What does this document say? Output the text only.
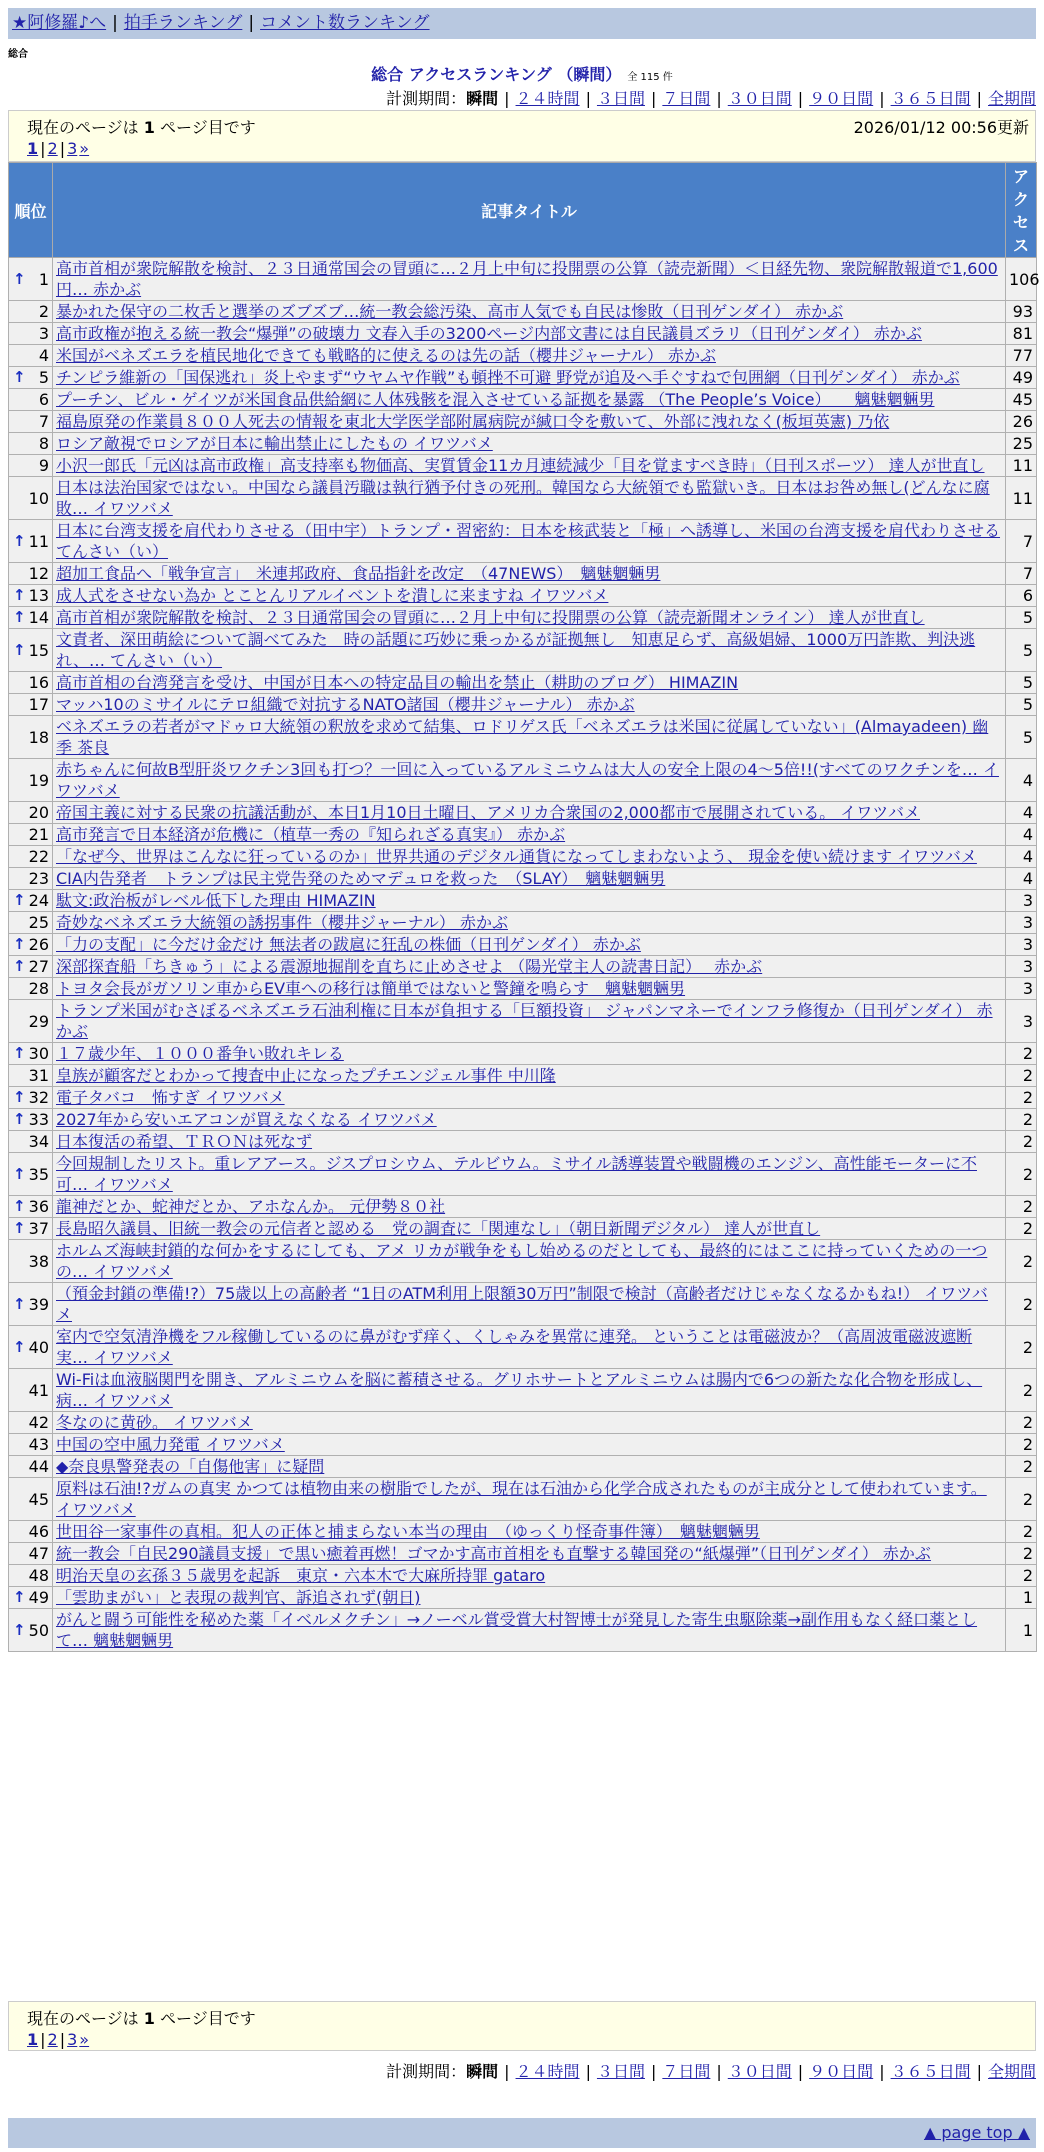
★阿修羅♪へ | 拍手ランキング | コメント数ランキング
総合
総合 アクセスランキング （瞬間） 全 115 件
計測期間：瞬間 | ２４時間 | ３日間 | ７日間 | ３０日間 | ９０日間 | ３６５日間 | 全期間
現在のページは 1 ページ目です	2026/01/12 00:56更新
1 | 2 | 3 »
順位	記事タイトル	アクセス

↑ 1	高市首相が衆院解散を検討、２３日通常国会の冒頭に…２月上中旬に投開票の公算（読売新聞）＜日経先物、衆院解散報道で1,600円… 赤かぶ	106
2	暴かれた保守の二枚舌と選挙のズブズブ…統一教会総汚染、高市人気でも自民は惨敗（日刊ゲンダイ） 赤かぶ	93
3	高市政権が抱える統一教会“爆弾”の破壊力 文春入手の3200ページ内部文書には自民議員ズラリ（日刊ゲンダイ） 赤かぶ	81
4	米国がベネズエラを植民地化できても戦略的に使えるのは先の話（櫻井ジャーナル） 赤かぶ	77

↑ 5	チンピラ維新の「国保逃れ」炎上やまず“ウヤムヤ作戦”も頓挫不可避 野党が追及へ手ぐすねで包囲網（日刊ゲンダイ） 赤かぶ	49
6	プーチン、ビル・ゲイツが米国食品供給網に人体残骸を混入させている証拠を暴露 （The People’s Voice）　　魑魅魍魎男	45
7	福島原発の作業員８００人死去の情報を東北大学医学部附属病院が緘口令を敷いて、外部に洩れなく(板垣英憲) 乃依	26
8	ロシア敵視でロシアが日本に輸出禁止にしたもの イワツバメ	25
9	小沢一郎氏「元凶は高市政権」高支持率も物価高、実質賃金11カ月連続減少「目を覚ますべき時」（日刊スポーツ） 達人が世直し	11
10	日本は法治国家ではない。中国なら議員汚職は執行猶予付きの死刑。韓国なら大統領でも監獄いき。日本はお咎め無し(どんなに腐敗… イワツバメ	11

↑ 11	日本に台湾支援を肩代わりさせる（田中宇）トランプ・習密約：日本を核武装と「極」へ誘導し、米国の台湾支援を肩代わりさせる てんさい（い）	7
12	超加工食品へ「戦争宣言」　米連邦政府、食品指針を改定　（47NEWS）　魑魅魍魎男	7

↑ 13	成人式をさせない為か とことんリアルイベントを潰しに来ますね イワツバメ	6

↑ 14	高市首相が衆院解散を検討、２３日通常国会の冒頭に…２月上中旬に投開票の公算（読売新聞オンライン） 達人が世直し	5

↑ 15	文責者、深田萌絵について調べてみた　時の話題に巧妙に乗っかるが証拠無し　知恵足らず、高級娼婦、1000万円詐欺、判決逃れ、… てんさい（い）	5
16	高市首相の台湾発言を受け、中国が日本への特定品目の輸出を禁止（耕助のブログ） HIMAZIN	5
17	マッハ10のミサイルにテロ組織で対抗するNATO諸国（櫻井ジャーナル） 赤かぶ	5
18	ベネズエラの若者がマドゥロ大統領の釈放を求めて結集、ロドリゲス氏「ベネズエラは米国に従属していない」(Almayadeen) 幽季 茶良	5
19	赤ちゃんに何故B型肝炎ワクチン3回も打つ？一回に入っているアルミニウムは大人の安全上限の4〜5倍!!(すべてのワクチンを… イワツバメ	4
20	帝国主義に対する民衆の抗議活動が、本日1月10日土曜日、アメリカ合衆国の2,000都市で展開されている。 イワツバメ	4
21	高市発言で日本経済が危機に（植草一秀の『知られざる真実』） 赤かぶ	4
22	「なぜ今、世界はこんなに狂っているのか」世界共通のデジタル通貨になってしまわないよう、 現金を使い続けます イワツバメ	4
23	CIA内告発者　トランプは民主党告発のためマデュロを救った　（SLAY）　魑魅魍魎男	4

↑ 24	駄文:政治板がレベル低下した理由 HIMAZIN	3
25	奇妙なベネズエラ大統領の誘拐事件（櫻井ジャーナル） 赤かぶ	3

↑ 26	「力の支配」に今だけ金だけ 無法者の跋扈に狂乱の株価（日刊ゲンダイ） 赤かぶ	3

↑ 27	深部探査船「ちきゅう」による震源地掘削を直ちに止めさせよ （陽光堂主人の読書日記）　 赤かぶ	3
28	トヨタ会長がガソリン車からEV車への移行は簡単ではないと警鐘を鳴らす　魑魅魍魎男	3
29	トランプ米国がむさぼるベネズエラ石油利権に日本が負担する「巨額投資」 ジャパンマネーでインフラ修復か（日刊ゲンダイ） 赤かぶ	3

↑ 30	１７歳少年、１０００番争い敗れキレる	2
31	皇族が顧客だとわかって捜査中止になったプチエンジェル事件 中川隆	2

↑ 32	電子タバコ　怖すぎ イワツバメ	2

↑ 33	2027年から安いエアコンが買えなくなる イワツバメ	2
34	日本復活の希望、ＴＲＯＮは死なず	2

↑ 35	今回規制したリスト。重レアアース。ジスプロシウム、テルビウム。ミサイル誘導装置や戦闘機のエンジン、高性能モーターに不可… イワツバメ	2

↑ 36	龍神だとか、蛇神だとか、アホなんか。 元伊勢８０社	2

↑ 37	長島昭久議員、旧統一教会の元信者と認める　党の調査に「関連なし」（朝日新聞デジタル） 達人が世直し	2
38	ホルムズ海峡封鎖的な何かをするにしても、アメ リカが戦争をもし始めるのだとしても、最終的にはここに持っていくための一つの… イワツバメ	2

↑ 39	（預金封鎖の準備!?）75歳以上の高齢者 “1日のATM利用上限額30万円”制限で検討（高齢者だけじゃなくなるかもね!） イワツバメ	2

↑ 40	室内で空気清浄機をフル稼働しているのに鼻がむず痒く、くしゃみを異常に連発。 ということは電磁波か？（高周波電磁波遮断実… イワツバメ	2
41	Wi-Fiは血液脳関門を開き、アルミニウムを脳に蓄積させる。グリホサートとアルミニウムは腸内で6つの新たな化合物を形成し、病… イワツバメ	2
42	冬なのに黄砂。 イワツバメ	2
43	中国の空中風力発電 イワツバメ	2
44	◆奈良県警発表の「自傷他害」に疑問	2
45	原料は石油!?ガムの真実 かつては植物由来の樹脂でしたが、現在は石油から化学合成されたものが主成分として使われています。 イワツバメ	2
46	世田谷一家事件の真相。犯人の正体と捕まらない本当の理由　（ゆっくり怪奇事件簿）　魑魅魍魎男	2
47	統一教会「自民290議員支援」で黒い癒着再燃！ゴマかす高市首相をも直撃する韓国発の“紙爆弾”（日刊ゲンダイ） 赤かぶ	2
48	明治天皇の玄孫３５歳男を起訴　東京・六本木で大麻所持罪 gataro	2

↑ 49	「雲助まがい」と表現の裁判官、訴追されず(朝日)	1

↑ 50	がんと闘う可能性を秘めた薬「イベルメクチン」→ノーベル賞受賞大村智博士が発見した寄生虫駆除薬→副作用もなく経口薬として… 魑魅魍魎男	1
現在のページは 1 ページ目です
1 | 2 | 3 »
計測期間：瞬間 | ２４時間 | ３日間 | ７日間 | ３０日間 | ９０日間 | ３６５日間 | 全期間
▲ page top ▲
